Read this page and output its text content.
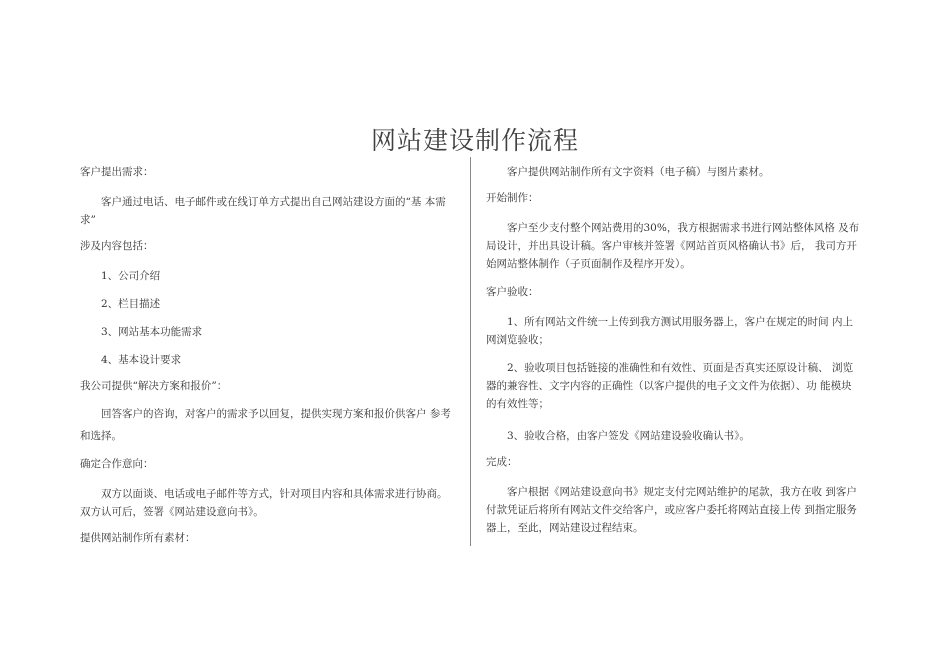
网站建设制作流程

客户提出需求：

客户通过电话、电子邮件或在线订单方式提出自己网站建设方面的“基 本需求”

涉及内容包括：

1、公司介绍

2、栏目描述

3、网站基本功能需求

4、基本设计要求

我公司提供“解决方案和报价”：

回答客户的咨询，对客户的需求予以回复，提供实现方案和报价供客户 参考和选择。

确定合作意向：

双方以面谈、电话或电子邮件等方式，针对项目内容和具体需求进行协商。双方认可后，签署《网站建设意向书》。

提供网站制作所有素材：

客户提供网站制作所有文字资料（电子稿）与图片素材。

开始制作：

客户至少支付整个网站费用的30%，我方根据需求书进行网站整体风格 及布局设计，并出具设计稿。客户审核并签署《网站首页风格确认书》后， 我司方开始网站整体制作（子页面制作及程序开发）。

客户验收：

1、所有网站文件统一上传到我方测试用服务器上，客户在规定的时间 内上网浏览验收；

2、验收项目包括链接的准确性和有效性、页面是否真实还原设计稿、 浏览器的兼容性、文字内容的正确性（以客户提供的电子文文件为依据）、功 能模块的有效性等；

3、验收合格，由客户签发《网站建设验收确认书》。

完成：

客户根据《网站建设意向书》规定支付完网站维护的尾款，我方在收 到客户付款凭证后将所有网站文件交给客户，或应客户委托将网站直接上传 到指定服务器上，至此，网站建设过程结束。
